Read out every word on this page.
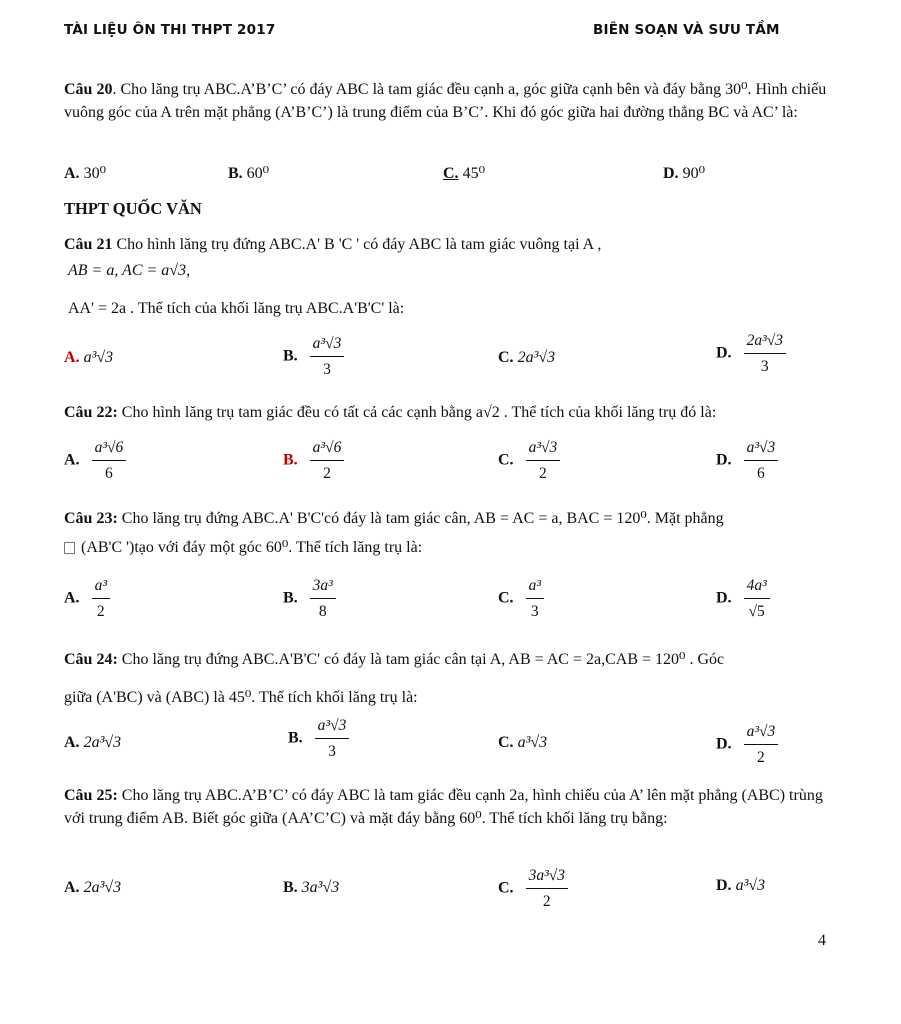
TÀI LIỆU ÔN THI THPT 2017	BIÊN SOẠN VÀ SƯU TẦM
Câu 20. Cho lăng trụ ABC.A’B’C’ có đáy ABC là tam giác đều cạnh a, góc giữa cạnh bên và đáy bằng 30⁰. Hình chiếu vuông góc của A trên mặt phẳng (A’B’C’) là trung điểm của B’C’. Khi đó góc giữa hai đường thẳng BC và AC’ là:
A. 30⁰	B. 60⁰	C. 45⁰	D. 90⁰
THPT QUỐC VĂN
Câu 21 Cho hình lăng trụ đứng ABC.A' B 'C ' có đáy ABC là tam giác vuông tại A ,
AB = a, AC = a√3,
AA' = 2a . Thể tích của khối lăng trụ ABC.A'B'C' là:
A. a³√3	B. $\frac{\text{a³√3}}{3}$	C. 2a³√3	D. $\frac{\text{2a³√3}}{3}$
Câu 22: Cho hình lăng trụ tam giác đều có tất cả các cạnh bằng a√2 . Thể tích của khối lăng trụ đó là:
A. $\frac{\text{a³√6}}{6}$	B. $\frac{\text{a³√6}}{2}$	C. $\frac{\text{a³√3}}{2}$	D. $\frac{\text{a³√3}}{6}$
Câu 23: Cho lăng trụ đứng ABC.A' B'C'có đáy là tam giác cân, AB = AC = a, BAC = 120⁰. Mặt phẳng
(AB'C ')tạo với đáy một góc 60⁰. Thể tích lăng trụ là:
A. $\frac{\text{a³}}{2}$	B. $\frac{\text{3a³}}{8}$	C. $\frac{\text{a³}}{3}$	D. $\frac{\text{4a³}}{√5}$
Câu 24: Cho lăng trụ đứng ABC.A'B'C' có đáy là tam giác cân tại A, AB = AC = 2a,CAB = 120⁰ . Góc
giữa (A'BC) và (ABC) là 45⁰. Thể tích khối lăng trụ là:
A. 2a³√3	B. $\frac{\text{a³√3}}{3}$	C. a³√3	D. $\frac{\text{a³√3}}{2}$
Câu 25: Cho lăng trụ ABC.A’B’C’ có đáy ABC là tam giác đều cạnh 2a, hình chiếu của A’ lên mặt phẳng (ABC) trùng với trung điểm AB. Biết góc giữa (AA’C’C) và mặt đáy bằng 60⁰. Thể tích khối lăng trụ bằng:
A. 2a³√3	B. 3a³√3	C. $\frac{\text{3a³√3}}{2}$	D. a³√3
4
